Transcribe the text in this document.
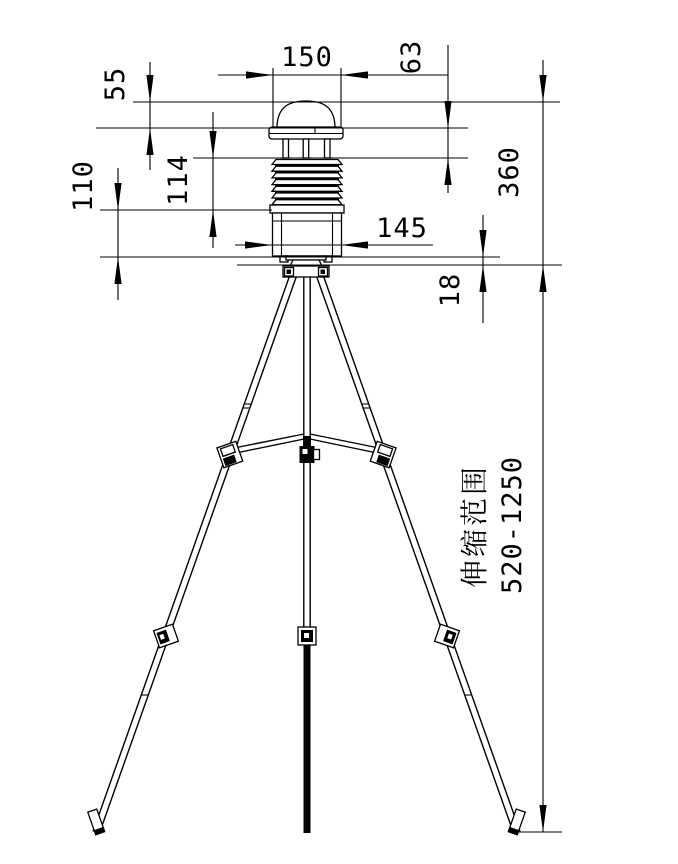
150
55
63
114
110
145
18
360
伸缩范围 520-1250
